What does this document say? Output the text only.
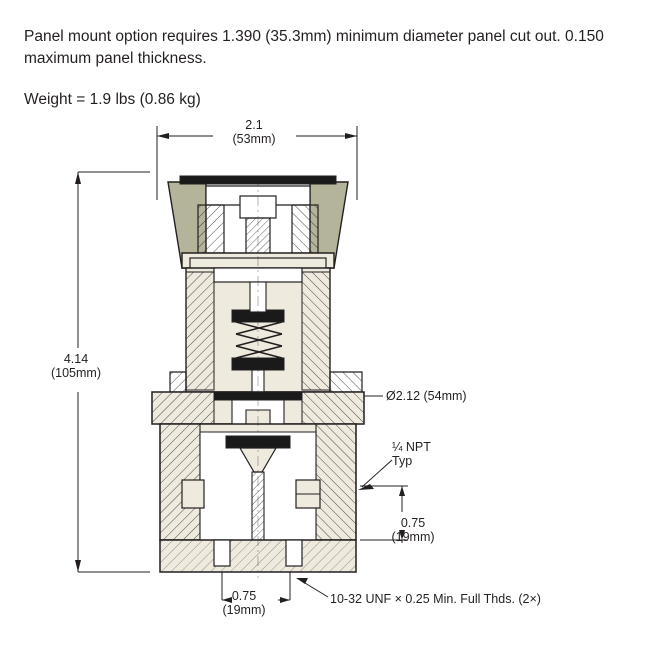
Panel mount option requires 1.390 (35.3mm) minimum diameter panel cut out. 0.150 maximum panel thickness.
Weight = 1.9 lbs (0.86 kg)
2.1
(53mm)
4.14
(105mm)
0.75
(19mm)
0.75
(19mm)
Ø2.12 (54mm)
¼ NPT
Typ
10-32 UNF × 0.25 Min. Full Thds. (2×)
